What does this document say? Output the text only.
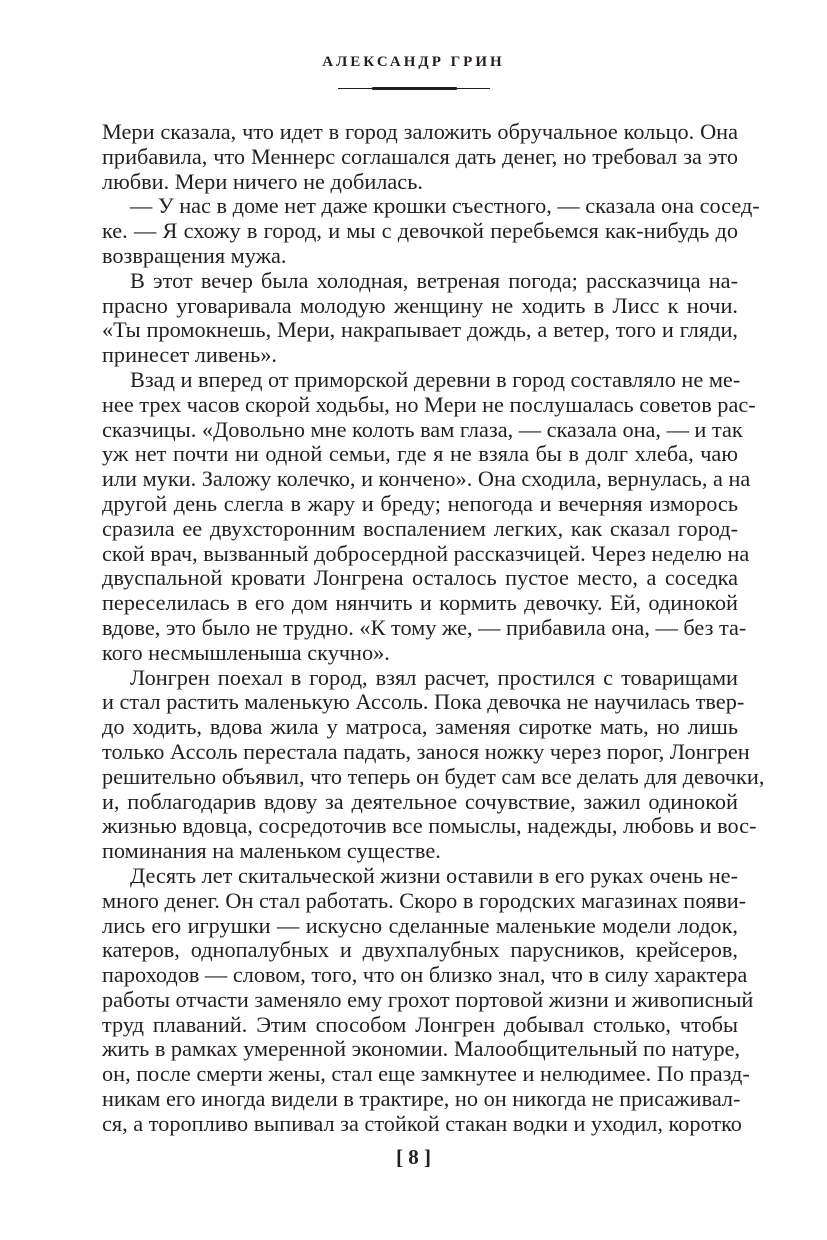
АЛЕКСАНДР ГРИН
Мери сказала, что идет в город заложить обручальное кольцо. Она
прибавила, что Меннерс соглашался дать денег, но требовал за это
любви. Мери ничего не добилась.
— У нас в доме нет даже крошки съестного, — сказала она сосед-
ке. — Я схожу в город, и мы с девочкой перебьемся как-нибудь до
возвращения мужа.
В этот вечер была холодная, ветреная погода; рассказчица на-
прасно уговаривала молодую женщину не ходить в Лисс к ночи.
«Ты промокнешь, Мери, накрапывает дождь, а ветер, того и гляди,
принесет ливень».
Взад и вперед от приморской деревни в город составляло не ме-
нее трех часов скорой ходьбы, но Мери не послушалась советов рас-
сказчицы. «Довольно мне колоть вам глаза, — сказала она, — и так
уж нет почти ни одной семьи, где я не взяла бы в долг хлеба, чаю
или муки. Заложу колечко, и кончено». Она сходила, вернулась, а на
другой день слегла в жару и бреду; непогода и вечерняя изморось
сразила ее двухсторонним воспалением легких, как сказал город-
ской врач, вызванный добросердной рассказчицей. Через неделю на
двуспальной кровати Лонгрена осталось пустое место, а соседка
переселилась в его дом нянчить и кормить девочку. Ей, одинокой
вдове, это было не трудно. «К тому же, — прибавила она, — без та-
кого несмышленыша скучно».
Лонгрен поехал в город, взял расчет, простился с товарищами
и стал растить маленькую Ассоль. Пока девочка не научилась твер-
до ходить, вдова жила у матроса, заменяя сиротке мать, но лишь
только Ассоль перестала падать, занося ножку через порог, Лонгрен
решительно объявил, что теперь он будет сам все делать для девочки,
и, поблагодарив вдову за деятельное сочувствие, зажил одинокой
жизнью вдовца, сосредоточив все помыслы, надежды, любовь и вос-
поминания на маленьком существе.
Десять лет скитальческой жизни оставили в его руках очень не-
много денег. Он стал работать. Скоро в городских магазинах появи-
лись его игрушки — искусно сделанные маленькие модели лодок,
катеров, однопалубных и двухпалубных парусников, крейсеров,
пароходов — словом, того, что он близко знал, что в силу характера
работы отчасти заменяло ему грохот портовой жизни и живописный
труд плаваний. Этим способом Лонгрен добывал столько, чтобы
жить в рамках умеренной экономии. Малообщительный по натуре,
он, после смерти жены, стал еще замкнутее и нелюдимее. По празд-
никам его иногда видели в трактире, но он никогда не присаживал-
ся, а торопливо выпивал за стойкой стакан водки и уходил, коротко
[ 8 ]
